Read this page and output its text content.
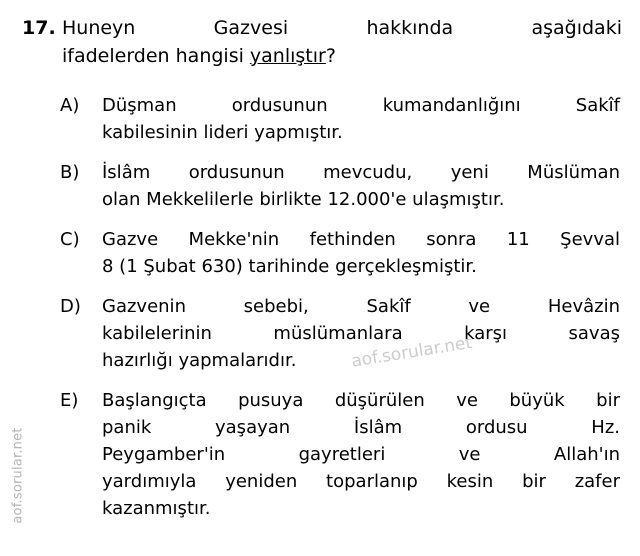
aof.sorular.net
aof.sorular.net
17. Huneyn Gazvesi hakkında aşağıdaki
ifadelerden hangisi yanlıştır?
A)	Düşman ordusunun kumandanlığını Sakîf
kabilesinin lideri yapmıştır.
B)	İslâm ordusunun mevcudu, yeni Müslüman
olan Mekkelilerle birlikte 12.000'e ulaşmıştır.
C)	Gazve Mekke'nin fethinden sonra 11 Şevval
8 (1 Şubat 630) tarihinde gerçekleşmiştir.
D)	Gazvenin sebebi, Sakîf ve Hevâzin
kabilelerinin müslümanlara karşı savaş
hazırlığı yapmalarıdır.
E)	Başlangıçta pusuya düşürülen ve büyük bir
panik yaşayan İslâm ordusu Hz.
Peygamber'in gayretleri ve Allah'ın
yardımıyla yeniden toparlanıp kesin bir zafer
kazanmıştır.
